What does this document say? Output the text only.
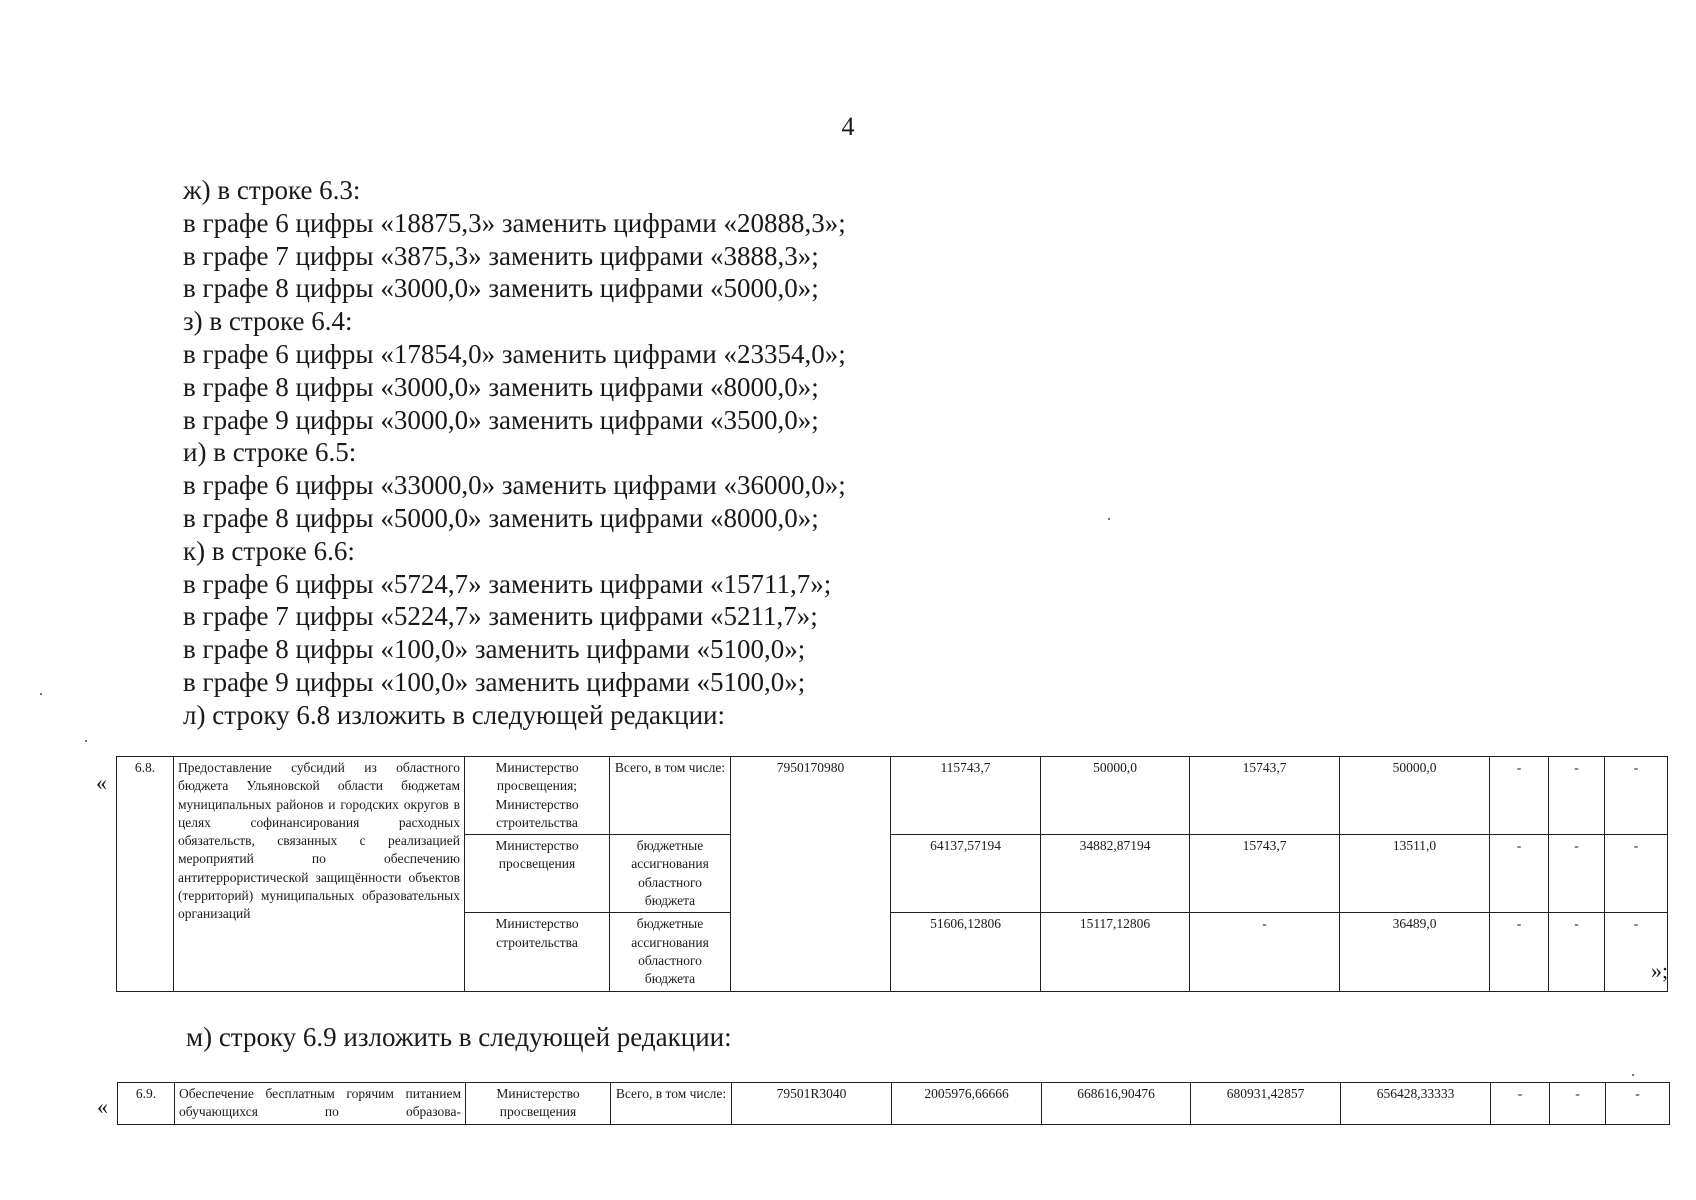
4

ж) в строке 6.3:

в графе 6 цифры «18875,3» заменить цифрами «20888,3»;

в графе 7 цифры «3875,3» заменить цифрами «3888,3»;

в графе 8 цифры «3000,0» заменить цифрами «5000,0»;

з) в строке 6.4:

в графе 6 цифры «17854,0» заменить цифрами «23354,0»;

в графе 8 цифры «3000,0» заменить цифрами «8000,0»;

в графе 9 цифры «3000,0» заменить цифрами «3500,0»;

и) в строке 6.5:

в графе 6 цифры «33000,0» заменить цифрами «36000,0»;

в графе 8 цифры «5000,0» заменить цифрами «8000,0»;

к) в строке 6.6:

в графе 6 цифры «5724,7» заменить цифрами «15711,7»;

в графе 7 цифры «5224,7» заменить цифрами «5211,7»;

в графе 8 цифры «100,0» заменить цифрами «5100,0»;

в графе 9 цифры «100,0» заменить цифрами «5100,0»;

л) строку 6.8 изложить в следующей редакции:

«
6.8.	Предоставление субсидий из областного бюджета Ульяновской области бюджетам муниципальных районов и городских округов в целях софинансирования расходных обязательств, связанных с реализацией мероприятий по обеспечению антитеррористической защищённости объектов (территорий) муниципальных образовательных организаций	Министерство просвещения; Министерство строительства	Всего, в том числе:	7950170980	115743,7	50000,0	15743,7	50000,0	-	-	-
		Министерство просвещения	бюджетные ассигнования областного бюджета		64137,57194	34882,87194	15743,7	13511,0	-	-	-
		Министерство строительства	бюджетные ассигнования областного бюджета		51606,12806	15117,12806	-	36489,0	-	-	-
»;
м) строку 6.9 изложить в следующей редакции:
«
6.9.	Обеспечение бесплатным горячим питанием обучающихся по образова-	Министерство просвещения	Всего, в том числе:	79501R3040	2005976,66666	668616,90476	680931,42857	656428,33333	-	-	-
